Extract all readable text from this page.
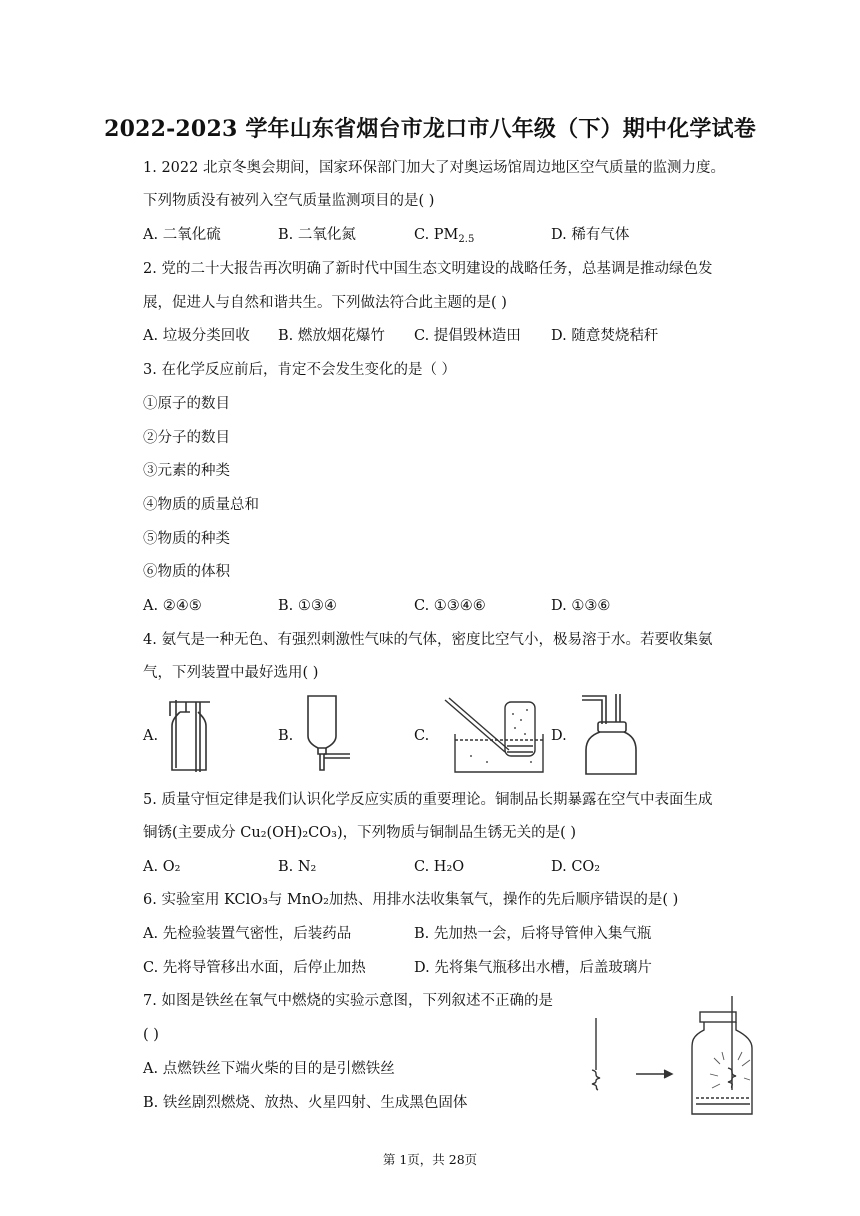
2022-2023 学年山东省烟台市龙口市八年级（下）期中化学试卷
1. 2022 北京冬奥会期间，国家环保部门加大了对奥运场馆周边地区空气质量的监测力度。
下列物质没有被列入空气质量监测项目的是( )
A. 二氧化硫	B. 二氧化氮	C. $PM_{2.5}$	D. 稀有气体
2. 党的二十大报告再次明确了新时代中国生态文明建设的战略任务，总基调是推动绿色发
展，促进人与自然和谐共生。下列做法符合此主题的是( )
A. 垃圾分类回收 B. 燃放烟花爆竹 C. 提倡毁林造田 D. 随意焚烧秸秆
3. 在化学反应前后，肯定不会发生变化的是（ ）
①原子的数目
②分子的数目
③元素的种类
④物质的质量总和
⑤物质的种类
⑥物质的体积
A. ②④⑤	B. ①③④	C. ①③④⑥	D. ①③⑥
4. 氨气是一种无色、有强烈刺激性气味的气体，密度比空气小，极易溶于水。若要收集氨
气，下列装置中最好选用( )
A.	B.	C.	D.
5. 质量守恒定律是我们认识化学反应实质的重要理论。铜制品长期暴露在空气中表面生成
铜锈(主要成分 Cu₂(OH)₂CO₃)，下列物质与铜制品生锈无关的是( )
A. O₂	B. N₂	C. H₂O	D. CO₂
6. 实验室用 KClO₃与 MnO₂加热、用排水法收集氧气，操作的先后顺序错误的是( )
A. 先检验装置气密性，后装药品	B. 先加热一会，后将导管伸入集气瓶
C. 先将导管移出水面，后停止加热	D. 先将集气瓶移出水槽，后盖玻璃片
7. 如图是铁丝在氧气中燃烧的实验示意图，下列叙述不正确的是
( )
A. 点燃铁丝下端火柴的目的是引燃铁丝
B. 铁丝剧烈燃烧、放热、火星四射、生成黑色固体
第 1页，共 28页
